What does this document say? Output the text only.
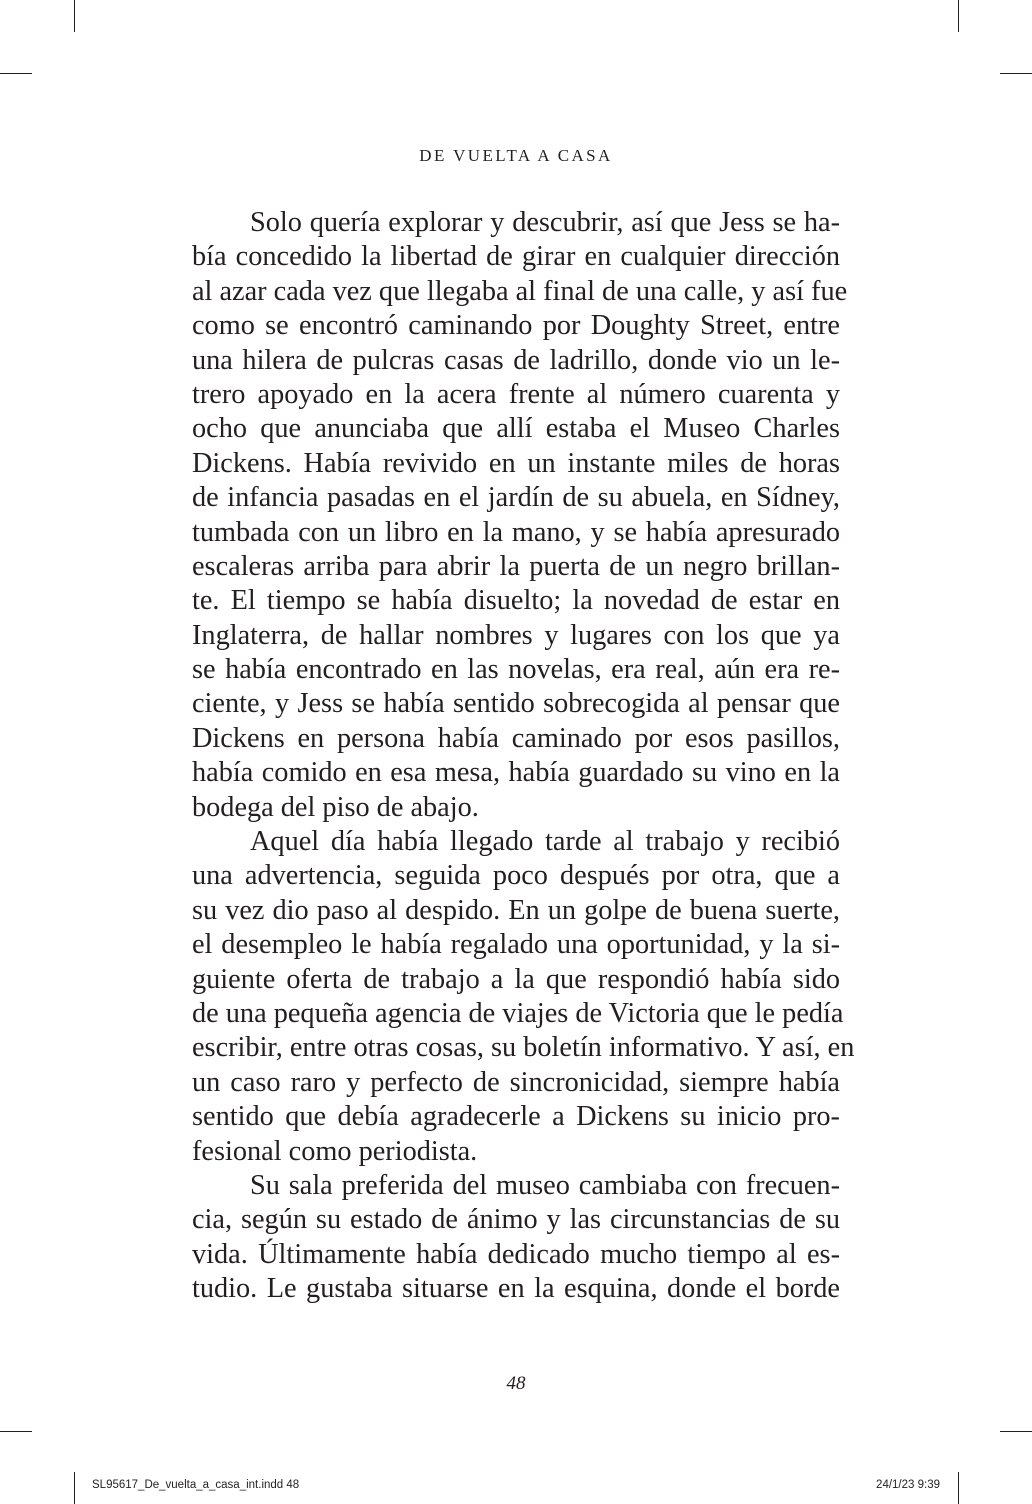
DE VUELTA A CASA
Solo quería explorar y descubrir, así que Jess se ha-
bía concedido la libertad de girar en cualquier dirección
al azar cada vez que llegaba al final de una calle, y así fue
como se encontró caminando por Doughty Street, entre
una hilera de pulcras casas de ladrillo, donde vio un le-
trero apoyado en la acera frente al número cuarenta y
ocho que anunciaba que allí estaba el Museo Charles
Dickens. Había revivido en un instante miles de horas
de infancia pasadas en el jardín de su abuela, en Sídney,
tumbada con un libro en la mano, y se había apresurado
escaleras arriba para abrir la puerta de un negro brillan-
te. El tiempo se había disuelto; la novedad de estar en
Inglaterra, de hallar nombres y lugares con los que ya
se había encontrado en las novelas, era real, aún era re-
ciente, y Jess se había sentido sobrecogida al pensar que
Dickens en persona había caminado por esos pasillos,
había comido en esa mesa, había guardado su vino en la
bodega del piso de abajo.
Aquel día había llegado tarde al trabajo y recibió
una advertencia, seguida poco después por otra, que a
su vez dio paso al despido. En un golpe de buena suerte,
el desempleo le había regalado una oportunidad, y la si-
guiente oferta de trabajo a la que respondió había sido
de una pequeña agencia de viajes de Victoria que le pedía
escribir, entre otras cosas, su boletín informativo. Y así, en
un caso raro y perfecto de sincronicidad, siempre había
sentido que debía agradecerle a Dickens su inicio pro-
fesional como periodista.
Su sala preferida del museo cambiaba con frecuen-
cia, según su estado de ánimo y las circunstancias de su
vida. Últimamente había dedicado mucho tiempo al es-
tudio. Le gustaba situarse en la esquina, donde el borde
48
SL95617_De_vuelta_a_casa_int.indd 48	24/1/23 9:39
